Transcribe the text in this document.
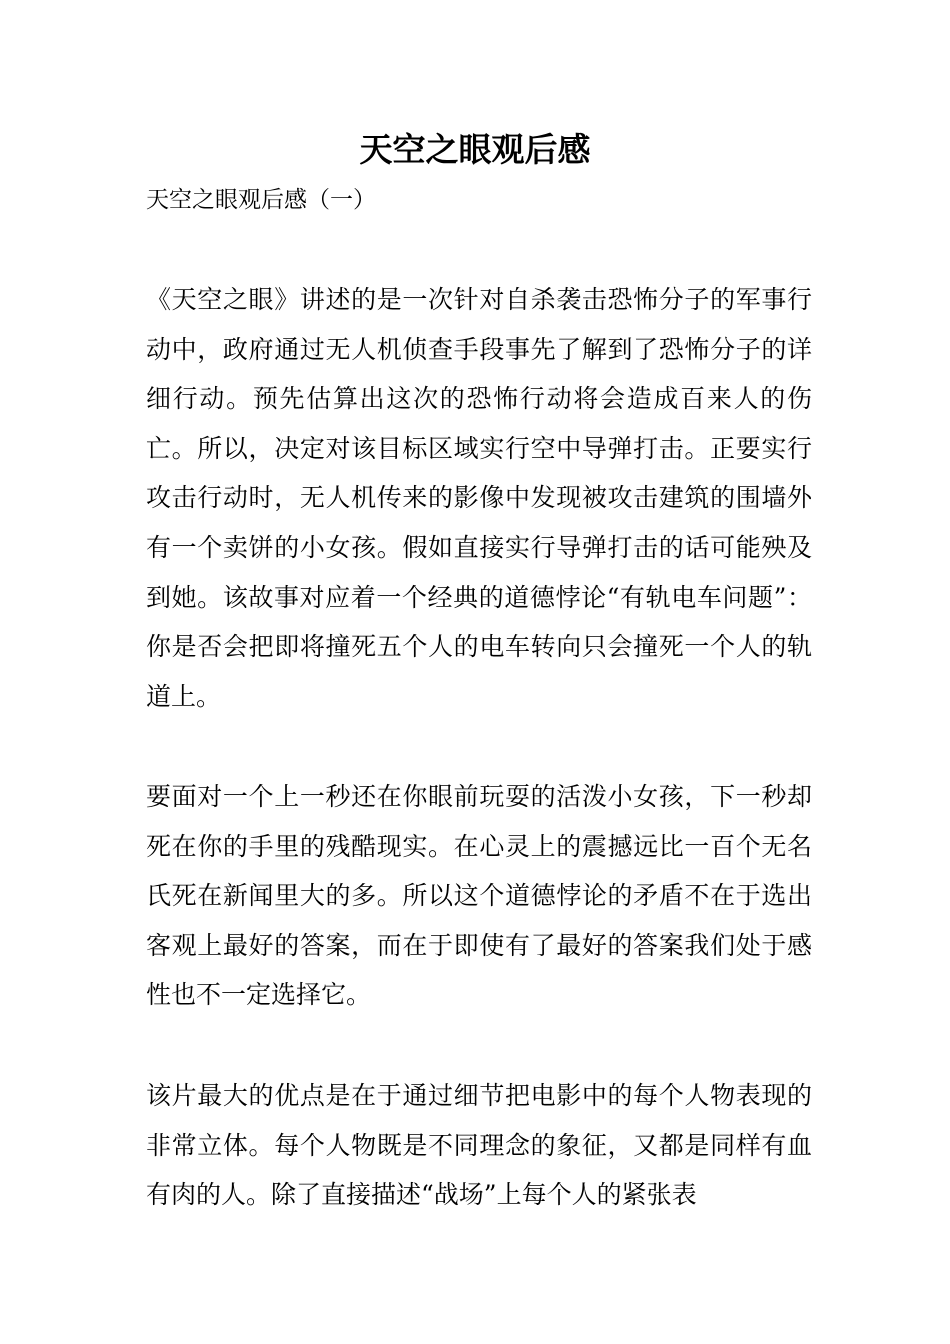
天空之眼观后感

天空之眼观后感（一）

《天空之眼》讲述的是一次针对自杀袭击恐怖分子的军事行动中，政府通过无人机侦查手段事先了解到了恐怖分子的详细行动。预先估算出这次的恐怖行动将会造成百来人的伤亡。所以，决定对该目标区域实行空中导弹打击。正要实行攻击行动时，无人机传来的影像中发现被攻击建筑的围墙外有一个卖饼的小女孩。假如直接实行导弹打击的话可能殃及到她。该故事对应着一个经典的道德悖论“有轨电车问题”：你是否会把即将撞死五个人的电车转向只会撞死一个人的轨道上。

要面对一个上一秒还在你眼前玩耍的活泼小女孩，下一秒却死在你的手里的残酷现实。在心灵上的震撼远比一百个无名氏死在新闻里大的多。所以这个道德悖论的矛盾不在于选出客观上最好的答案，而在于即使有了最好的答案我们处于感性也不一定选择它。

该片最大的优点是在于通过细节把电影中的每个人物表现的非常立体。每个人物既是不同理念的象征，又都是同样有血有肉的人。除了直接描述“战场”上每个人的紧张表
